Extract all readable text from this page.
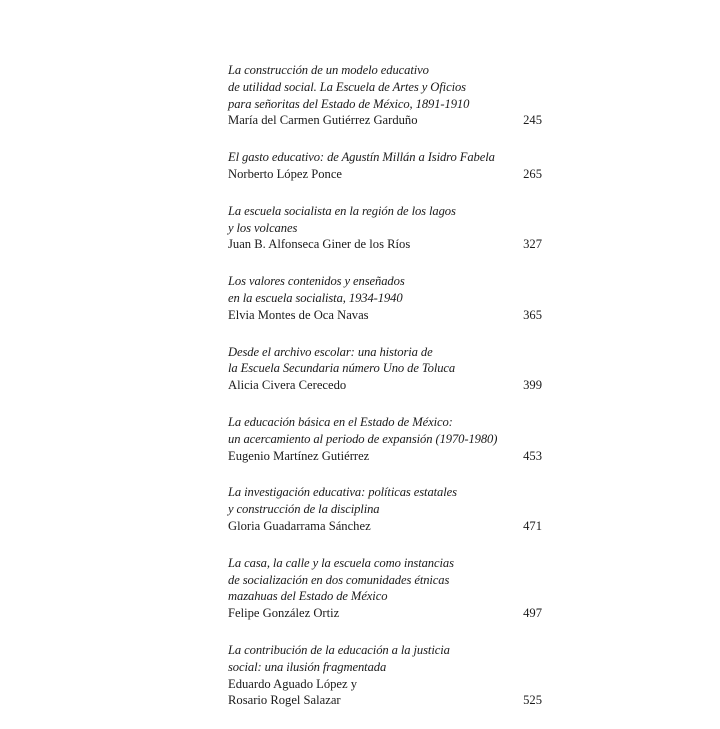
La construcción de un modelo educativo
de utilidad social. La Escuela de Artes y Oficios
para señoritas del Estado de México, 1891-1910
María del Carmen Gutiérrez Garduño	245
El gasto educativo: de Agustín Millán a Isidro Fabela
Norberto López Ponce	265
La escuela socialista en la región de los lagos
y los volcanes
Juan B. Alfonseca Giner de los Ríos	327
Los valores contenidos y enseñados
en la escuela socialista, 1934-1940
Elvia Montes de Oca Navas	365
Desde el archivo escolar: una historia de
la Escuela Secundaria número Uno de Toluca
Alicia Civera Cerecedo	399
La educación básica en el Estado de México:
un acercamiento al periodo de expansión (1970-1980)
Eugenio Martínez Gutiérrez	453
La investigación educativa: políticas estatales
y construcción de la disciplina
Gloria Guadarrama Sánchez	471
La casa, la calle y la escuela como instancias
de socialización en dos comunidades étnicas
mazahuas del Estado de México
Felipe González Ortiz	497
La contribución de la educación a la justicia
social: una ilusión fragmentada
Eduardo Aguado López y
Rosario Rogel Salazar	525
